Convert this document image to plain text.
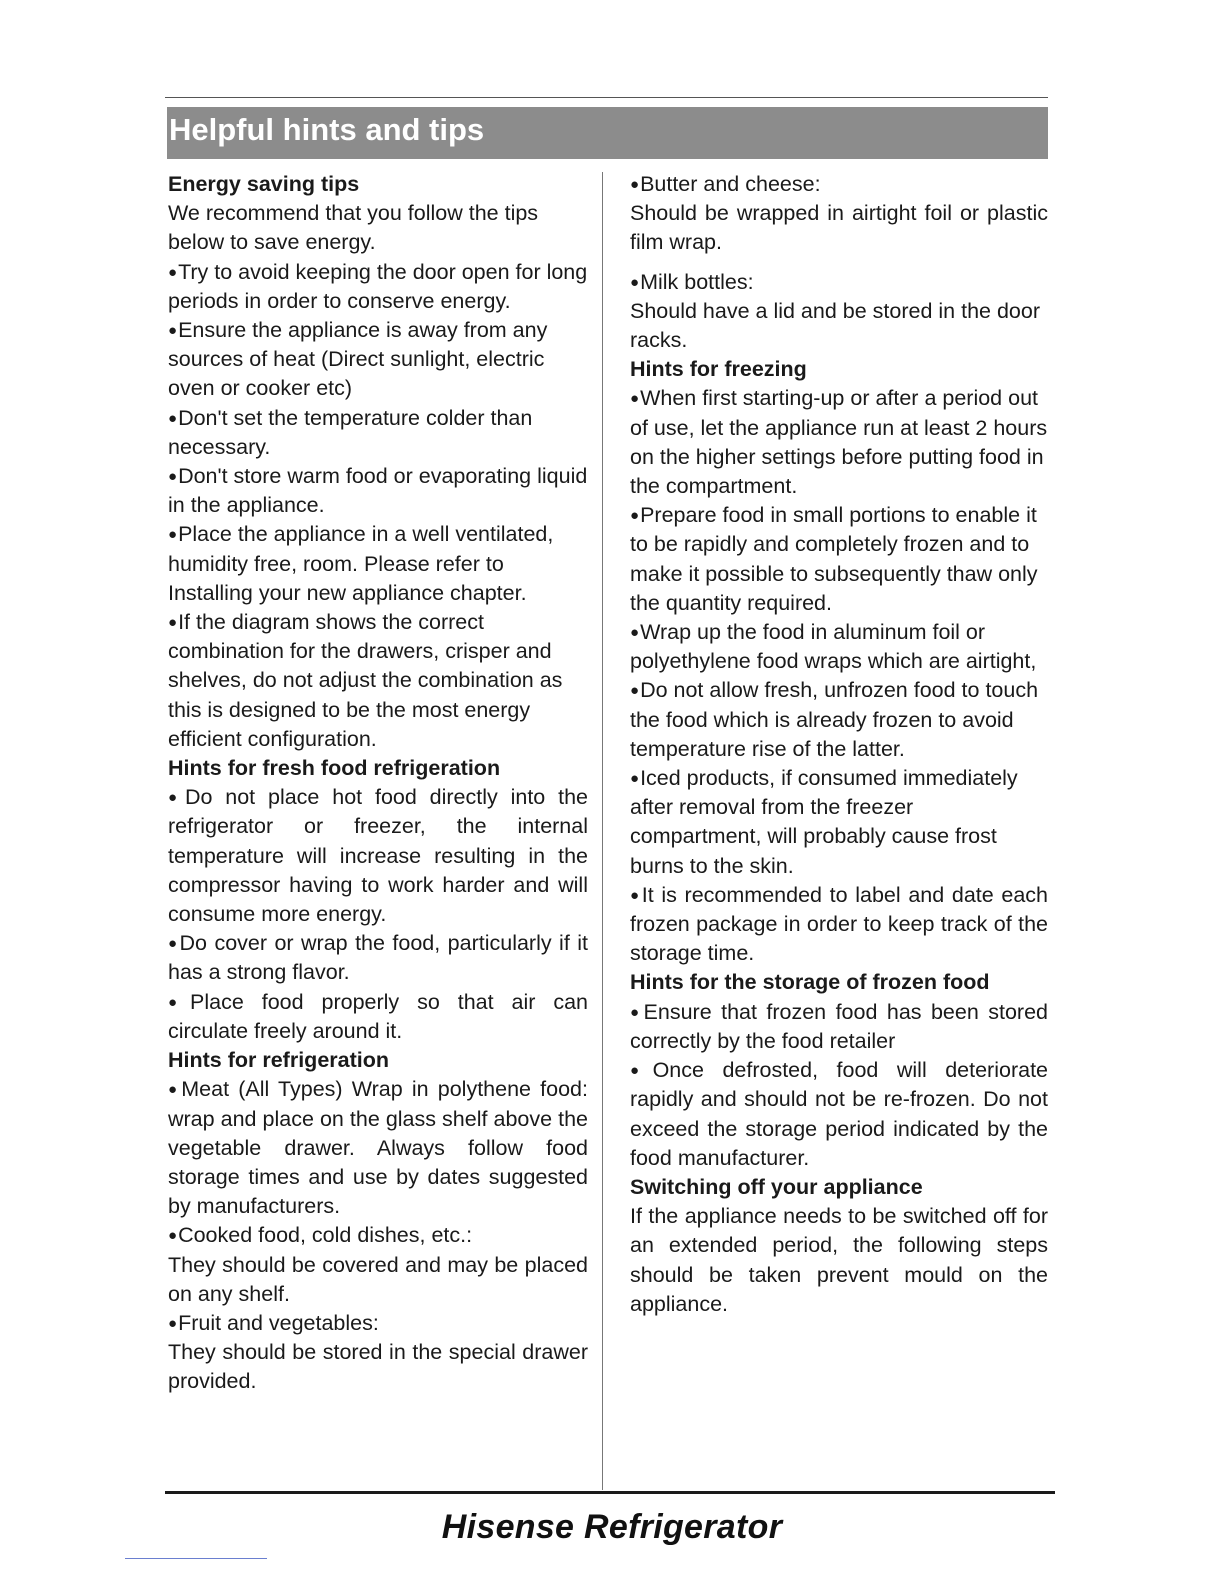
Helpful hints and tips

Energy saving tips

We recommend that you follow the tips below to save energy.

● Try to avoid keeping the door open for long periods in order to conserve energy.

● Ensure the appliance is away from any sources of heat (Direct sunlight, electric oven or cooker etc)

● Don't set the temperature colder than necessary.

● Don't store warm food or evaporating liquid in the appliance.

● Place the appliance in a well ventilated, humidity free, room. Please refer to Installing your new appliance chapter.

● If the diagram shows the correct combination for the drawers, crisper and shelves, do not adjust the combination as this is designed to be the most energy efficient configuration.

Hints for fresh food refrigeration

● Do not place hot food directly into the refrigerator or freezer, the internal temperature will increase resulting in the compressor having to work harder and will consume more energy.

● Do cover or wrap the food, particularly if it has a strong flavor.

● Place food properly so that air can circulate freely around it.

Hints for refrigeration

● Meat (All Types) Wrap in polythene food: wrap and place on the glass shelf above the vegetable drawer. Always follow food storage times and use by dates suggested by manufacturers.

● Cooked food, cold dishes, etc.:

They should be covered and may be placed on any shelf.

● Fruit and vegetables:

They should be stored in the special drawer provided.

● Butter and cheese:

Should be wrapped in airtight foil or plastic film wrap.

● Milk bottles:

Should have a lid and be stored in the door racks.

Hints for freezing

● When first starting-up or after a period out of use, let the appliance run at least 2 hours on the higher settings before putting food in the compartment.

● Prepare food in small portions to enable it to be rapidly and completely frozen and to make it possible to subsequently thaw only the quantity required.

● Wrap up the food in aluminum foil or polyethylene food wraps which are airtight,

● Do not allow fresh, unfrozen food to touch the food which is already frozen to avoid temperature rise of the latter.

● Iced products, if consumed immediately after removal from the freezer compartment, will probably cause frost burns to the skin.

● It is recommended to label and date each frozen package in order to keep track of the storage time.

Hints for the storage of frozen food

● Ensure that frozen food has been stored correctly by the food retailer

● Once defrosted, food will deteriorate rapidly and should not be re-frozen. Do not exceed the storage period indicated by the food manufacturer.

Switching off your appliance

If the appliance needs to be switched off for an extended period, the following steps should be taken prevent mould on the appliance.

Hisense Refrigerator
